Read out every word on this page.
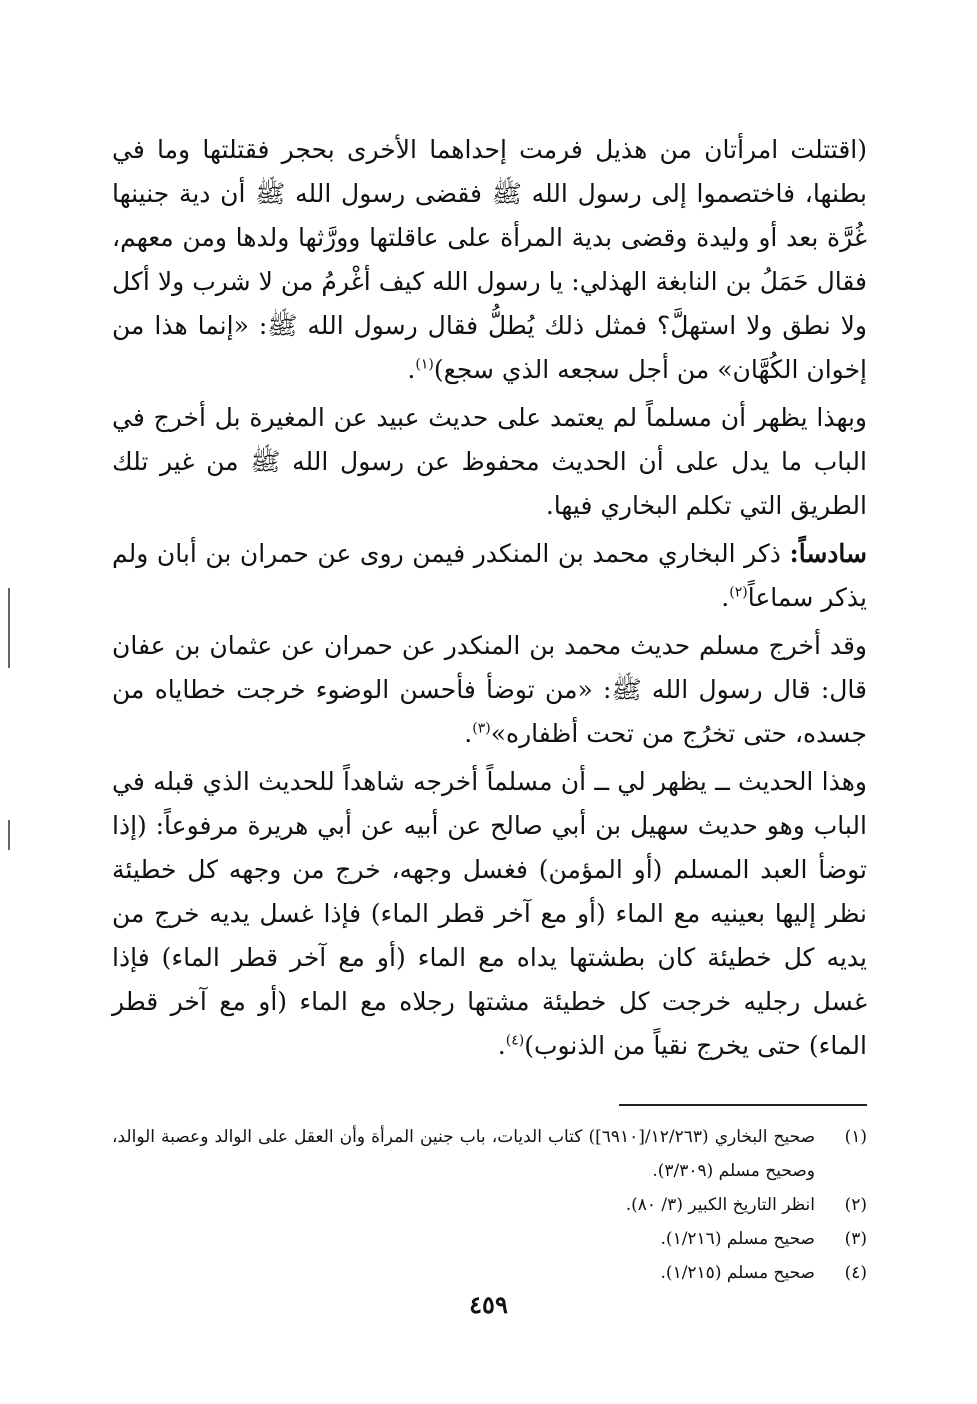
(اقتتلت امرأتان من هذيل فرمت إحداهما الأخرى بحجر فقتلتها وما في بطنها، فاختصموا إلى رسول الله ﷺ فقضى رسول الله ﷺ أن دية جنينها غُرَّة بعد أو وليدة وقضى بدية المرأة على عاقلتها وورَّثها ولدها ومن معهم، فقال حَمَلُ بن النابغة الهذلي: يا رسول الله كيف أغْرمُ من لا شرب ولا أكل ولا نطق ولا استهلَّ؟ فمثل ذلك يُطلُّ فقال رسول الله ﷺ: «إنما هذا من إخوان الكُهَّان» من أجل سجعه الذي سجع)$^{(١)}$.

وبهذا يظهر أن مسلماً لم يعتمد على حديث عبيد عن المغيرة بل أخرج في الباب ما يدل على أن الحديث محفوظ عن رسول الله ﷺ من غير تلك الطريق التي تكلم البخاري فيها.

سادساً: ذكر البخاري محمد بن المنكدر فيمن روى عن حمران بن أبان ولم يذكر سماعاً$^{(٢)}$.

وقد أخرج مسلم حديث محمد بن المنكدر عن حمران عن عثمان بن عفان قال: قال رسول الله ﷺ: «من توضأ فأحسن الوضوء خرجت خطاياه من جسده، حتى تخرُج من تحت أظفاره»$^{(٣)}$.

وهذا الحديث ــ يظهر لي ــ أن مسلماً أخرجه شاهداً للحديث الذي قبله في الباب وهو حديث سهيل بن أبي صالح عن أبيه عن أبي هريرة مرفوعاً: (إذا توضأ العبد المسلم (أو المؤمن) فغسل وجهه، خرج من وجهه كل خطيئة نظر إليها بعينيه مع الماء (أو مع آخر قطر الماء) فإذا غسل يديه خرج من يديه كل خطيئة كان بطشتها يداه مع الماء (أو مع آخر قطر الماء) فإذا غسل رجليه خرجت كل خطيئة مشتها رجلاه مع الماء (أو مع آخر قطر الماء) حتى يخرج نقياً من الذنوب)$^{(٤)}$.

(١)
صحيح البخاري (١٢/٢٦٣/[٦٩١٠]) كتاب الديات، باب جنين المرأة وأن العقل على الوالد وعصبة الوالد، وصحيح مسلم (٣/٣٠٩).
(٢)
انظر التاريخ الكبير (٣/ ٨٠).
(٣)
صحيح مسلم (١/٢١٦).
(٤)
صحيح مسلم (١/٢١٥).
٤٥٩
